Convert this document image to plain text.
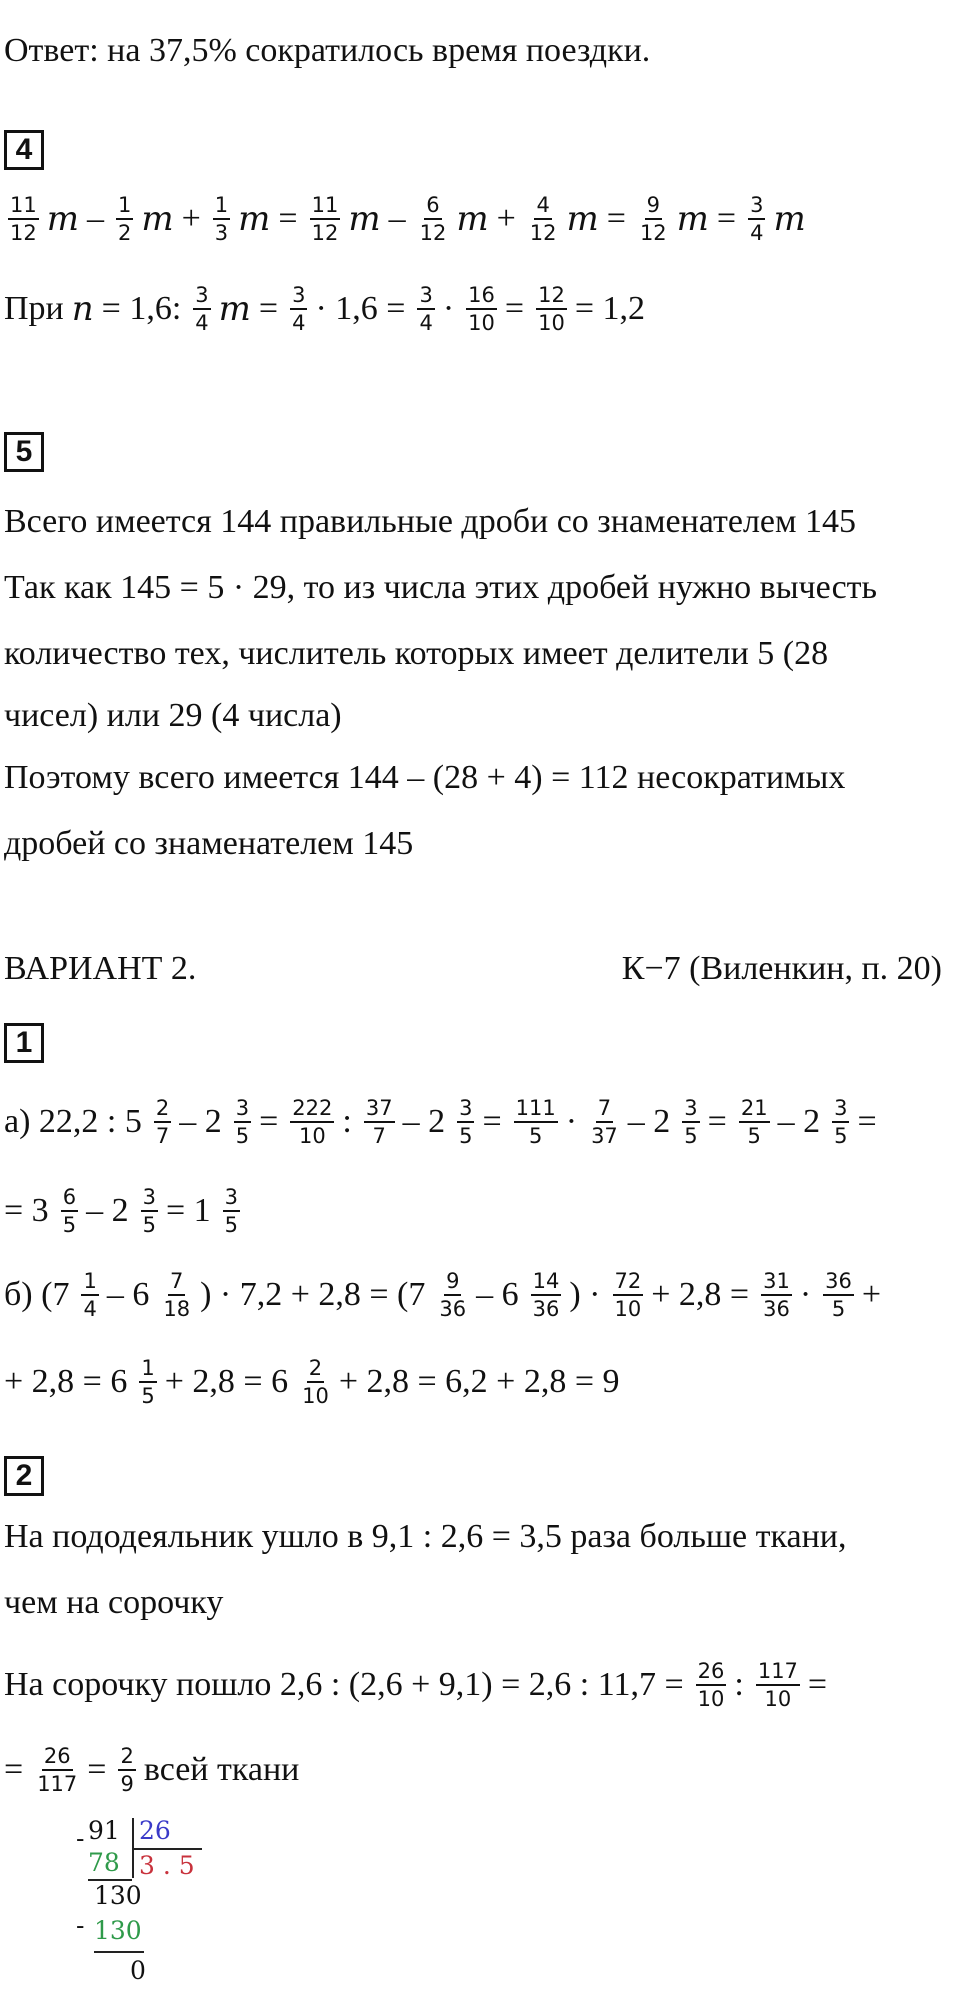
Ответ: на 37,5% сократилось время поездки.
4
$\frac{11}{12}$ m – $\frac{1}{2}$ $m + \frac{1}{3}$ $m = \frac{11}{12}$ m – $\frac{6}{12}$ $m + \frac{4}{12}$ $m = \frac{9}{12}$ $m = \frac{3}{4}$ m
При n = 1,6: $\frac{3}{4}$ $m = \frac{3}{4} \cdot 1,6 = \frac{3}{4} \cdot \frac{16}{10} = \frac{12}{10} = 1,2$
5
Всего имеется 144 правильные дроби со знаменателем 145
Так как 145 = 5 · 29, то из числа этих дробей нужно вычесть
количество тех, числитель которых имеет делители 5 (28
чисел) или 29 (4 числа)
Поэтому всего имеется 144 – (28 + 4) = 112 несократимых
дробей со знаменателем 145
ВАРИАНТ 2.	К−7 (Виленкин, п. 20)
1
а) 22,2 : $5 \frac{2}{7} - 2 \frac{3}{5} = \frac{222}{10}$ : $\frac{37}{7} - 2 \frac{3}{5} = \frac{111}{5} \cdot \frac{7}{37} - 2 \frac{3}{5} = \frac{21}{5} - 2 \frac{3}{5}$ =
= $3 \frac{6}{5} - 2 \frac{3}{5} = 1 \frac{3}{5}$
б) ($7 \frac{1}{4} - 6 \frac{7}{18}$ ) · $7,2 + 2,8 = (7 \frac{9}{36} - 6 \frac{14}{36}$ ) · $\frac{72}{10} + 2,8 = \frac{31}{36} \cdot \frac{36}{5}$ +
+ $2,8 = 6 \frac{1}{5} + 2,8 = 6 \frac{2}{10} + 2,8 = 6,2 + 2,8 = 9$
2
На пододеяльник ушло в 9,1 : 2,6 = 3,5 раза больше ткани,
чем на сорочку
На сорочку пошло 2,6 : (2,6 + 9,1) = 2,6 : $11,7 = \frac{26}{10}$ : $\frac{117}{10}$ =
= $\frac{26}{117} = \frac{2}{9}$ всей ткани
- 91 26
78 3 . 5
130
- 130
0
